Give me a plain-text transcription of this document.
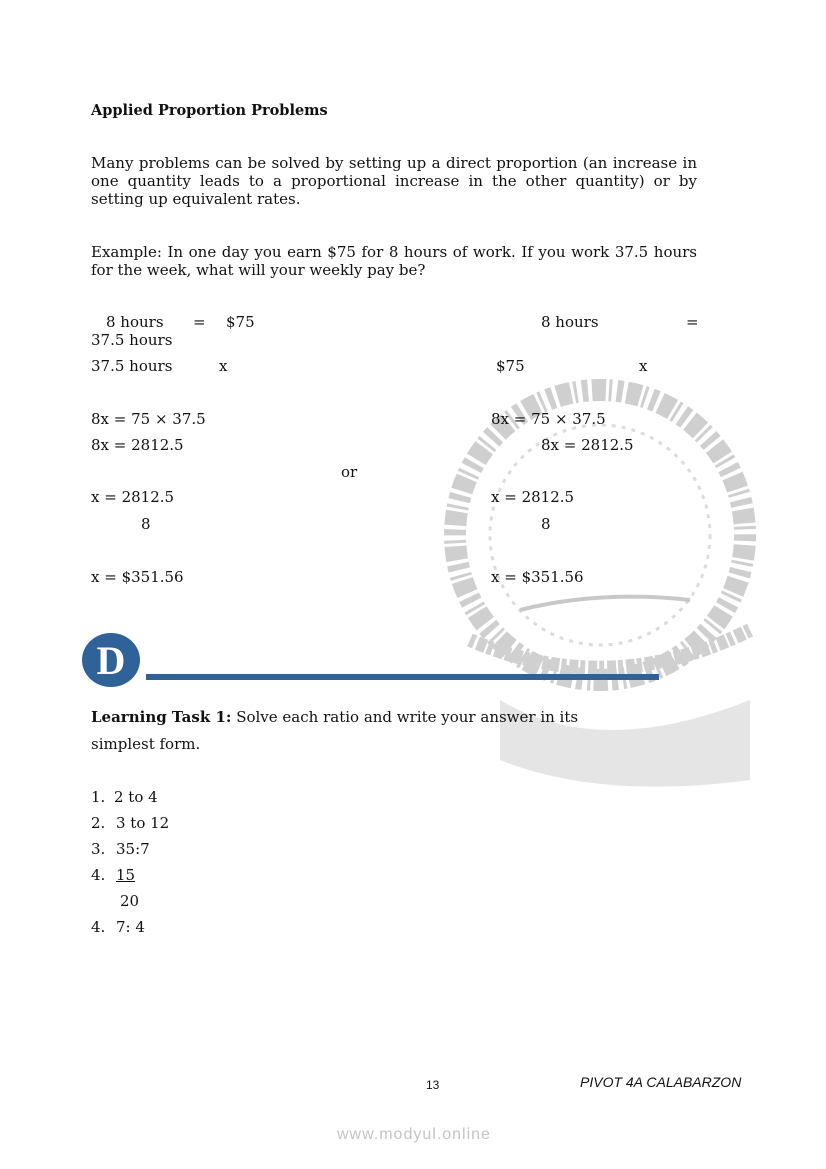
Applied Proportion Problems
Many problems can be solved by setting up a direct proportion (an increase in one quantity leads to a proportional increase in the other quantity) or by setting up equivalent rates.
Example: In one day you earn $75 for 8 hours of work. If you work 37.5 hours for the week, what will your weekly pay be?
8 hours = $75
37.5 hours
8 hours	=
37.5 hours	x	$75	x
8x = 75 × 37.5
8x = 2812.5
x = 2812.5
8
x = $351.56
8x = 75 × 37.5
8x = 2812.5
x = 2812.5
8
x = $351.56
or
D
Learning Task 1: Solve each ratio and write your answer in its
simplest form.
1. 2 to 4
2. 3 to 12
3. 35:7
4. 15
20
4. 7: 4
13	PIVOT 4A CALABARZON
www.modyul.online
